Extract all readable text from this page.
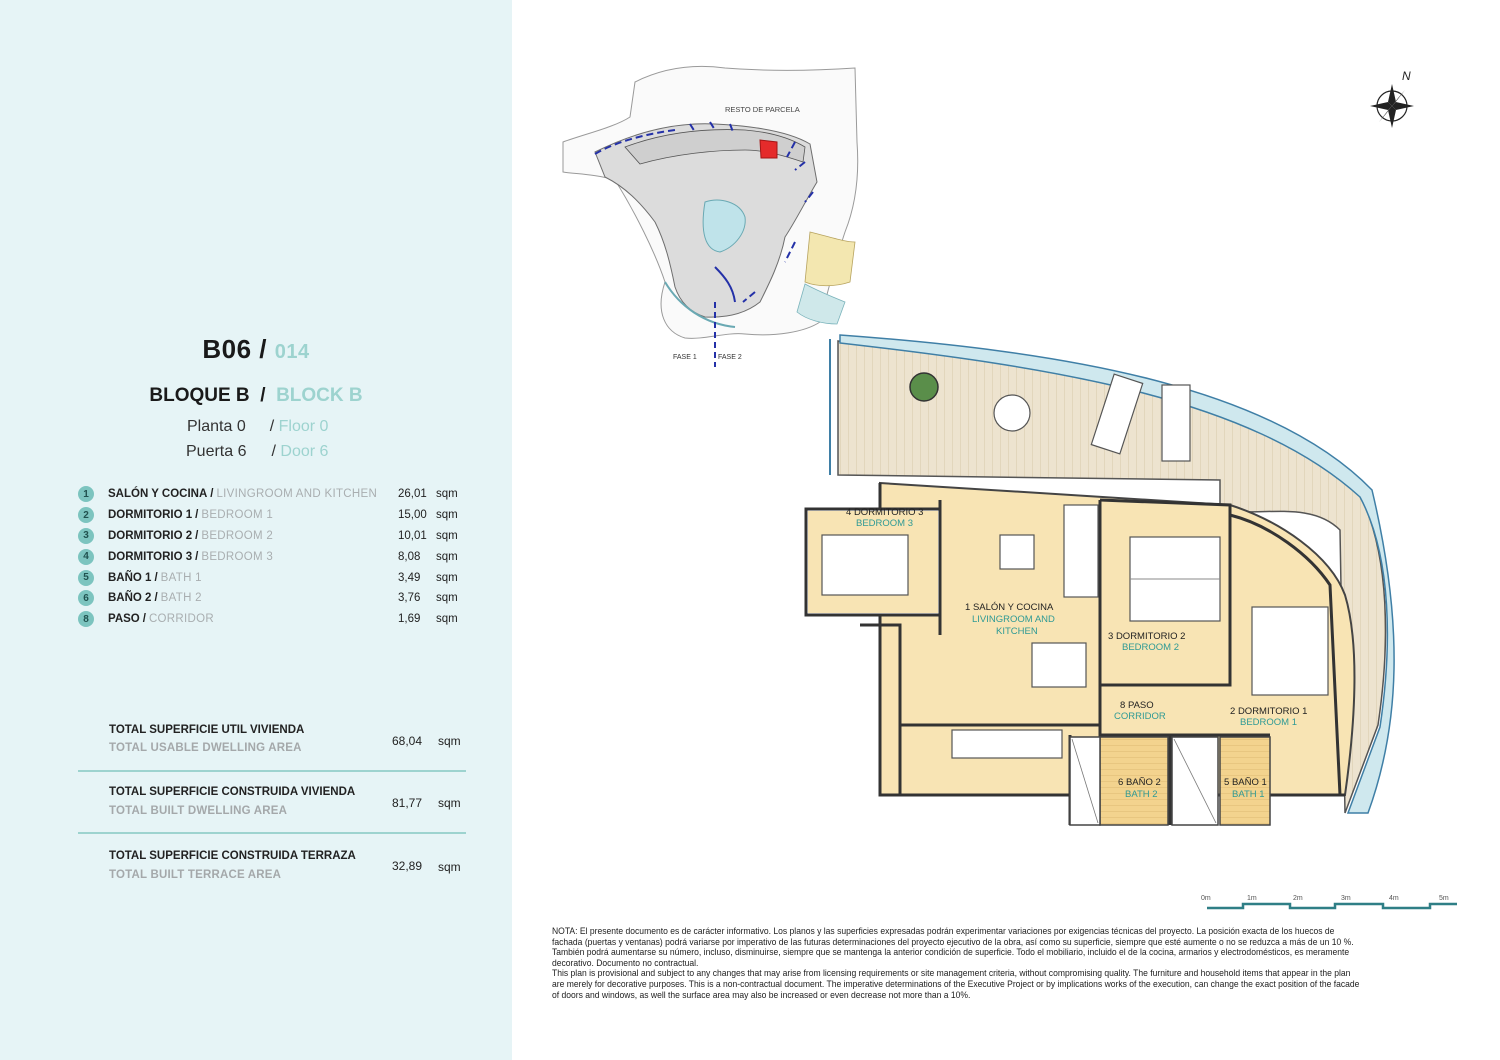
B06 / 014
BLOQUE B / BLOCK B
Planta 0 / Floor 0
Puerta 6 / Door 6
1	SALÓN Y COCINA / LIVINGROOM AND KITCHEN 26,01 sqm
2	DORMITORIO 1 / BEDROOM 1	15,00 sqm
3	DORMITORIO 2 / BEDROOM 2	10,01 sqm
4	DORMITORIO 3 / BEDROOM 3	8,08 sqm
5	BAÑO 1 / BATH 1	3,49 sqm
6	BAÑO 2 / BATH 2	3,76 sqm
8	PASO / CORRIDOR	1,69 sqm
TOTAL SUPERFICIE UTIL VIVIENDA
TOTAL USABLE DWELLING AREA	68,04 sqm
TOTAL SUPERFICIE CONSTRUIDA VIVIENDA
TOTAL BUILT DWELLING AREA
81,77 sqm
TOTAL SUPERFICIE CONSTRUIDA TERRAZA
TOTAL BUILT TERRACE AREA
32,89 sqm
RESTO DE PARCELA
FASE 1	FASE 2
N
1 SALÓN Y COCINA
LIVINGROOM AND
KITCHEN
4 DORMITORIO 3
BEDROOM 3
3 DORMITORIO 2
BEDROOM 2
2 DORMITORIO 1
BEDROOM 1
8 PASO
CORRIDOR
6 BAÑO 2
BATH 2
5 BAÑO 1
BATH 1
0m	1m	2m	3m	4m	5m
NOTA: El presente documento es de carácter informativo. Los planos y las superficies expresadas podrán experimentar variaciones por exigencias técnicas del proyecto. La posición exacta de los huecos de fachada (puertas y ventanas) podrá variarse por imperativo de las futuras determinaciones del proyecto ejecutivo de la obra, así como su superficie, siempre que esté aumente o no se reduzca a más de un 10 %. También podrá aumentarse su número, incluso, disminuirse, siempre que se mantenga la anterior condición de superficie. Todo el mobiliario, incluido el de la cocina, armarios y electrodomésticos, es meramente decorativo. Documento no contractual.
This plan is provisional and subject to any changes that may arise from licensing requirements or site management criteria, without compromising quality. The furniture and household items that appear in the plan are merely for decorative purposes. This is a non-contractual document. The imperative determinations of the Executive Project or by implications works of the execution, can change the exact position of the facade of doors and windows, as well the surface area may also be increased or even decrease not more than a 10%.
